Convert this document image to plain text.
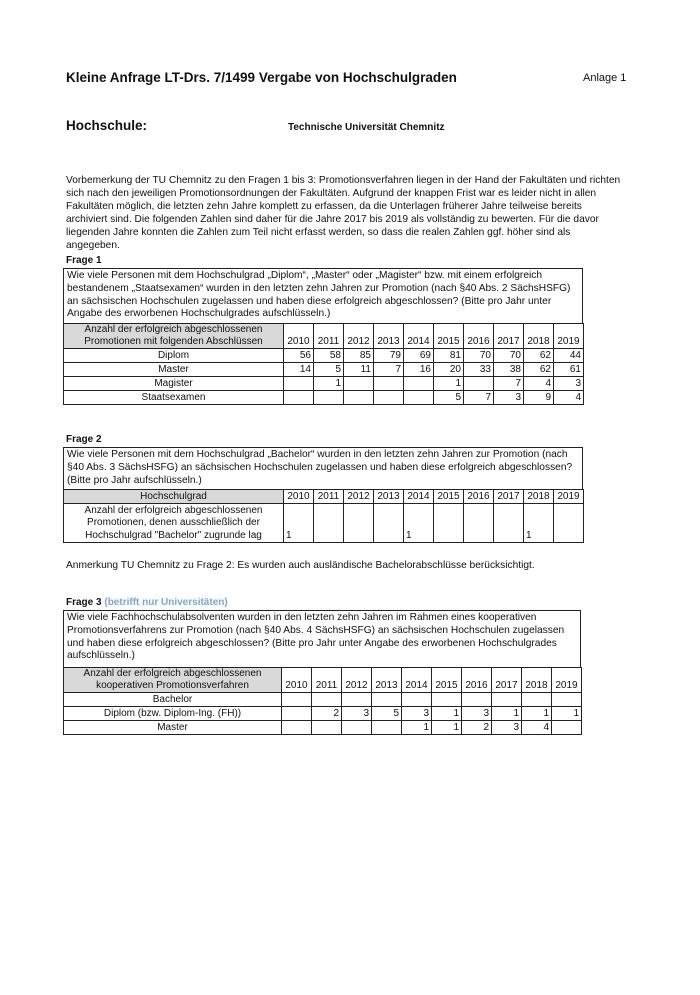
Kleine Anfrage LT-Drs. 7/1499 Vergabe von Hochschulgraden	Anlage 1
Hochschule:	Technische Universität Chemnitz
Vorbemerkung der TU Chemnitz zu den Fragen 1 bis 3: Promotionsverfahren liegen in der Hand der Fakultäten und richten sich nach den jeweiligen Promotionsordnungen der Fakultäten. Aufgrund der knappen Frist war es leider nicht in allen Fakultäten möglich, die letzten zehn Jahre komplett zu erfassen, da die Unterlagen früherer Jahre teilweise bereits archiviert sind. Die folgenden Zahlen sind daher für die Jahre 2017 bis 2019 als vollständig zu bewerten. Für die davor liegenden Jahre konnten die Zahlen zum Teil nicht erfasst werden, so dass die realen Zahlen ggf. höher sind als angegeben.
Frage 1
Wie viele Personen mit dem Hochschulgrad „Diplom“, „Master“ oder „Magister“ bzw. mit einem erfolgreich bestandenem „Staatsexamen“ wurden in den letzten zehn Jahren zur Promotion (nach §40 Abs. 2 SächsHSFG) an sächsischen Hochschulen zugelassen und haben diese erfolgreich abgeschlossen? (Bitte pro Jahr unter Angabe des erworbenen Hochschulgrades aufschlüsseln.)
Anzahl der erfolgreich abgeschlossenen Promotionen mit folgenden Abschlüssen	2010	2011	2012	2013	2014	2015	2016	2017	2018	2019
Diplom	56	58	85	79	69	81	70	70	62	44
Master	14	5	11	7	16	20	33	38	62	61
Magister		1				1		7	4	3
Staatsexamen						5	7	3	9	4
Frage 2
Wie viele Personen mit dem Hochschulgrad „Bachelor“ wurden in den letzten zehn Jahren zur Promotion (nach §40 Abs. 3 SächsHSFG) an sächsischen Hochschulen zugelassen und haben diese erfolgreich abgeschlossen? (Bitte pro Jahr aufschlüsseln.)
Hochschulgrad	2010	2011	2012	2013	2014	2015	2016	2017	2018	2019
Anzahl der erfolgreich abgeschlossenen Promotionen, denen ausschließlich der Hochschulgrad "Bachelor" zugrunde lag	1				1				1	
Anmerkung TU Chemnitz zu Frage 2: Es wurden auch ausländische Bachelorabschlüsse berücksichtigt.
Frage 3 (betrifft nur Universitäten)
Wie viele Fachhochschulabsolventen wurden in den letzten zehn Jahren im Rahmen eines kooperativen Promotionsverfahrens zur Promotion (nach §40 Abs. 4 SächsHSFG) an sächsischen Hochschulen zugelassen und haben diese erfolgreich abgeschlossen? (Bitte pro Jahr unter Angabe des erworbenen Hochschulgrades aufschlüsseln.)
Anzahl der erfolgreich abgeschlossenen kooperativen Promotionsverfahren	2010	2011	2012	2013	2014	2015	2016	2017	2018	2019
Bachelor										
Diplom (bzw. Diplom-Ing. (FH))		2	3	5	3	1	3	1	1	1
Master					1	1	2	3	4	
